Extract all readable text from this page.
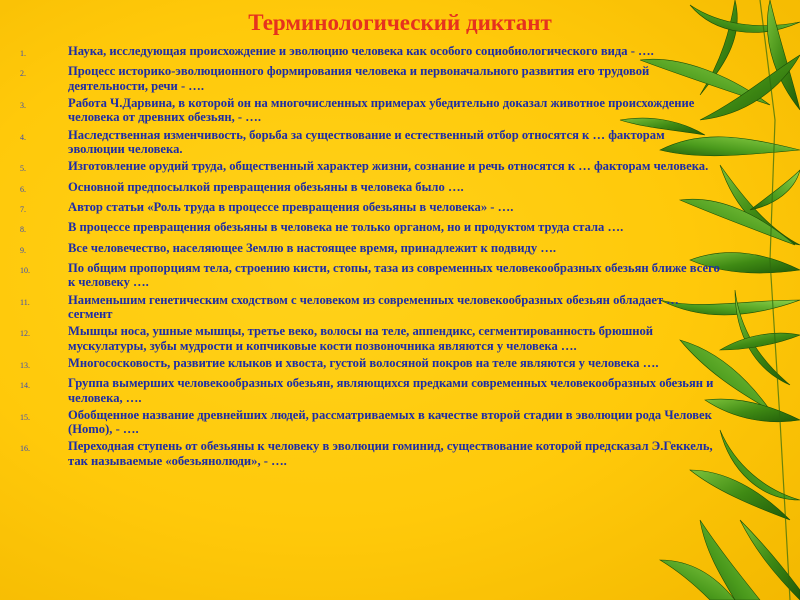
Терминологический диктант
1.	Наука, исследующая происхождение и эволюцию человека как особого социобиологического вида - ….
2.	Процесс историко-эволюционного формирования человека и первоначального развития его трудовой деятельности, речи - ….
3.	Работа Ч.Дарвина, в которой он на многочисленных примерах убедительно доказал животное происхождение человека от древних обезьян, - ….
4.	Наследственная изменчивость, борьба за существование и естественный отбор относятся к … факторам эволюции человека.
5.	Изготовление орудий труда, общественный характер жизни, сознание и речь относятся к … факторам человека.
6.	Основной предпосылкой превращения обезьяны в человека было ….
7.	Автор статьи «Роль труда в процессе превращения обезьяны в человека» - ….
8.	В процессе превращения обезьяны в человека не только органом, но и продуктом труда стала ….
9.	Все человечество, населяющее Землю в настоящее время, принадлежит к подвиду ….
10.	По общим пропорциям тела, строению кисти, стопы, таза из современных человекообразных обезьян ближе всего к человеку ….
11.	Наименьшим генетическим сходством с человеком из современных человекообразных обезьян обладает … сегмент
12.	Мышцы носа, ушные мышцы, третье веко, волосы на теле, аппендикс, сегментированность брюшной мускулатуры, зубы мудрости и копчиковые кости позвоночника являются у человека ….
13.	Многососковость, развитие клыков и хвоста, густой волосяной покров на теле являются у человека ….
14.	Группа вымерших человекообразных обезьян, являющихся предками современных человекообразных обезьян и человека, ….
15.	Обобщенное название древнейших людей, рассматриваемых в качестве второй стадии в эволюции рода Человек (Homo), - ….
16.	Переходная ступень от обезьяны к человеку в эволюции гоминид, существование которой предсказал Э.Геккель, так называемые «обезьянолюди», - ….
